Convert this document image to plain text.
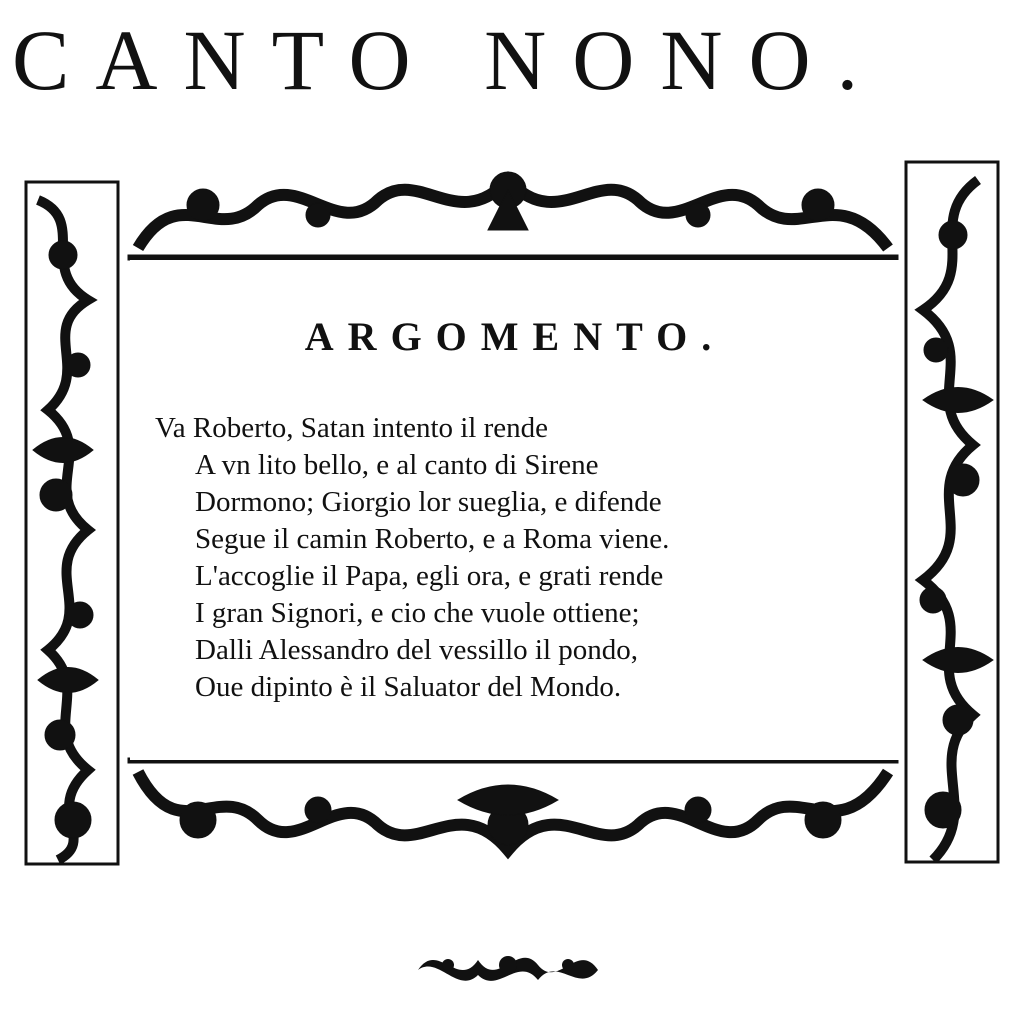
CANTO NONO.
ARGOMENTO.
Va Roberto, Satan intento il rende
A vn lito bello, e al canto di Sirene
Dormono; Giorgio lor sueglia, e difende
Segue il camin Roberto, e a Roma viene.
L'accoglie il Papa, egli ora, e grati rende
I gran Signori, e cio che vuole ottiene;
Dalli Alessandro del vessillo il pondo,
Oue dipinto è il Saluator del Mondo.
